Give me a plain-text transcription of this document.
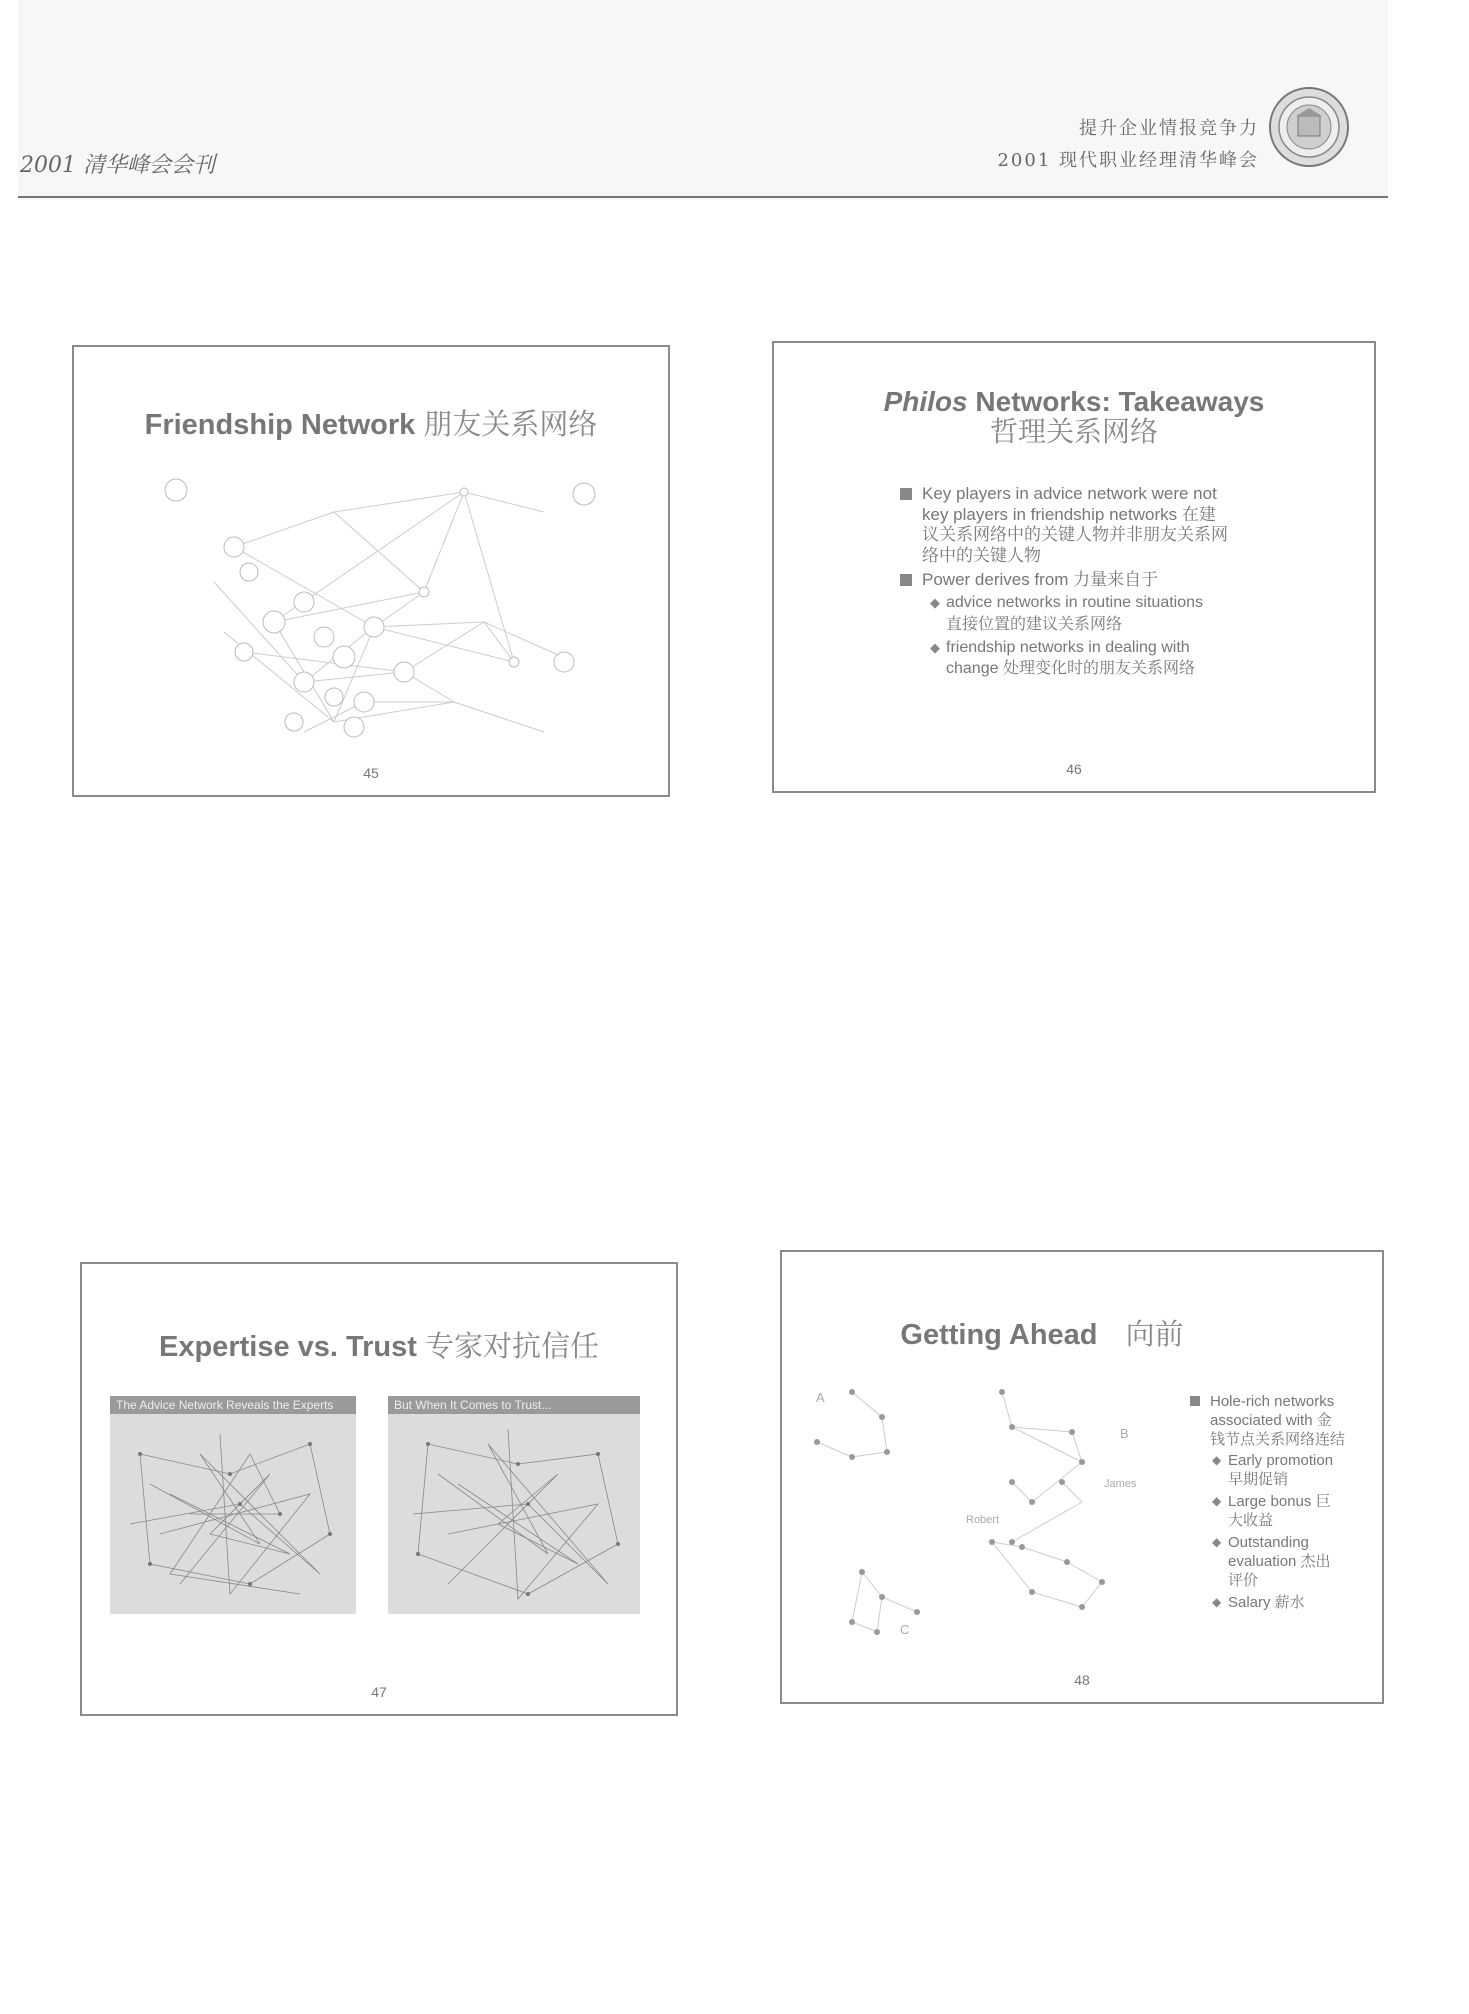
2001 清华峰会会刊
提升企业情报竞争力
2001 现代职业经理清华峰会
Friendship Network 朋友关系网络
45
Philos Networks: Takeaways
哲理关系网络
Key players in advice network were not
key players in friendship networks 在建
议关系网络中的关键人物并非朋友关系网
络中的关键人物
Power derives from 力量来自于
◆ advice networks in routine situations
直接位置的建议关系网络
◆ friendship networks in dealing with
change 处理变化时的朋友关系网络
46
Expertise vs. Trust 专家对抗信任
The Advice Network Reveals the Experts	But When It Comes to Trust...
47
Getting Ahead 向前
A
B
James
Robert
C
Hole-rich networks
associated with 金
钱节点关系网络连结
◆ Early promotion
早期促销
◆ Large bonus 巨
大收益
◆ Outstanding
evaluation 杰出
评价
◆ Salary 薪水
48
